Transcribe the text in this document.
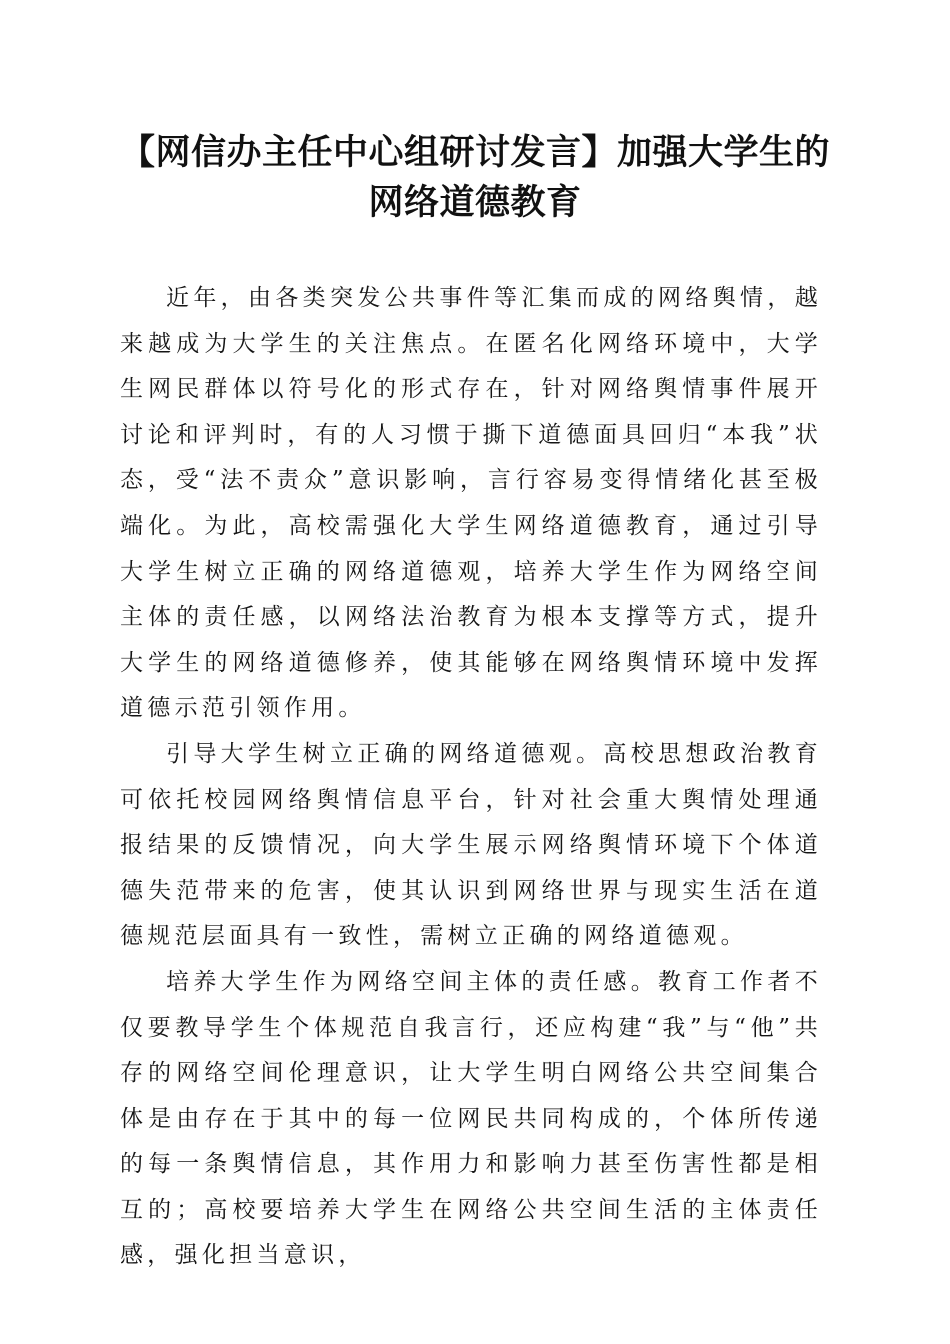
【网信办主任中心组研讨发言】加强大学生的
网络道德教育

近年，由各类突发公共事件等汇集而成的网络舆情，越来越成为大学生的关注焦点。在匿名化网络环境中，大学生网民群体以符号化的形式存在，针对网络舆情事件展开讨论和评判时，有的人习惯于撕下道德面具回归“本我”状态，受“法不责众”意识影响，言行容易变得情绪化甚至极端化。为此，高校需强化大学生网络道德教育，通过引导大学生树立正确的网络道德观，培养大学生作为网络空间主体的责任感，以网络法治教育为根本支撑等方式，提升大学生的网络道德修养，使其能够在网络舆情环境中发挥道德示范引领作用。

引导大学生树立正确的网络道德观。高校思想政治教育可依托校园网络舆情信息平台，针对社会重大舆情处理通报结果的反馈情况，向大学生展示网络舆情环境下个体道德失范带来的危害，使其认识到网络世界与现实生活在道德规范层面具有一致性，需树立正确的网络道德观。

培养大学生作为网络空间主体的责任感。教育工作者不仅要教导学生个体规范自我言行，还应构建“我”与“他”共存的网络空间伦理意识，让大学生明白网络公共空间集合体是由存在于其中的每一位网民共同构成的，个体所传递的每一条舆情信息，其作用力和影响力甚至伤害性都是相互的；高校要培养大学生在网络公共空间生活的主体责任感，强化担当意识，
